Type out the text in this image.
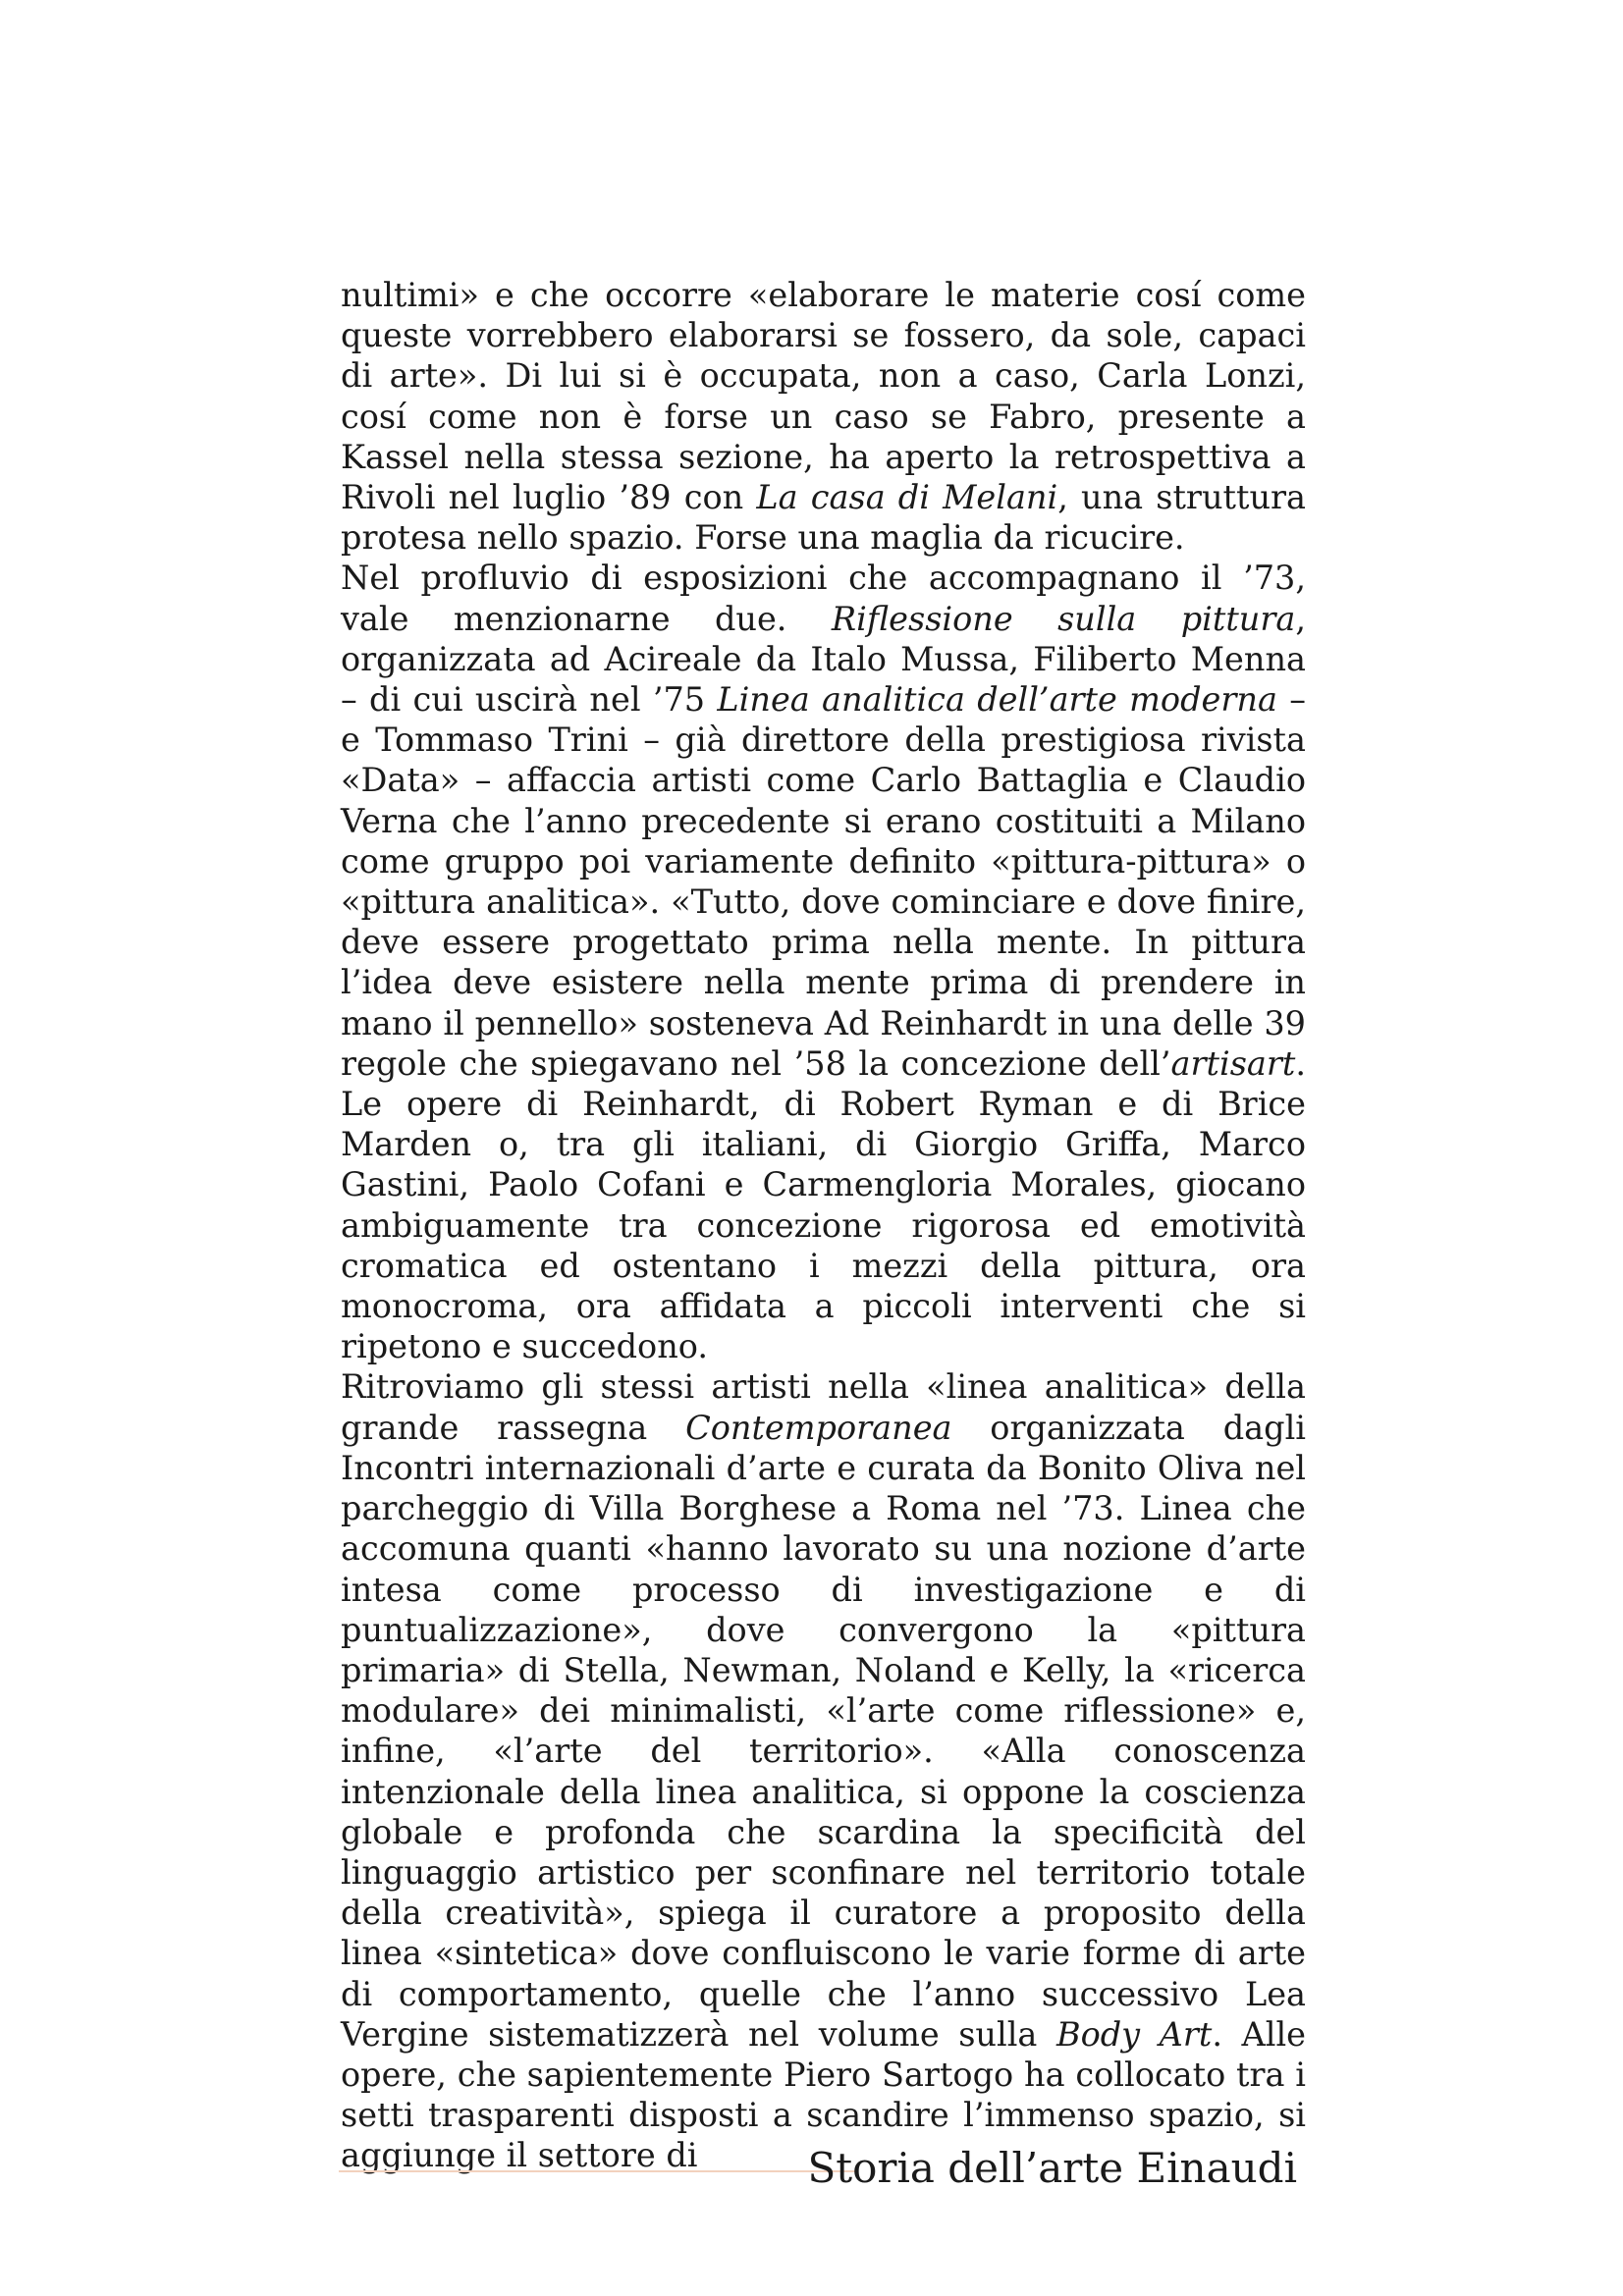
nultimi» e che occorre «elaborare le materie cosí come queste vorrebbero elaborarsi se fossero, da sole, capaci di arte». Di lui si è occupata, non a caso, Carla Lonzi, cosí come non è forse un caso se Fabro, presente a Kassel nella stessa sezione, ha aperto la retrospettiva a Rivoli nel luglio ’89 con La casa di Melani, una struttura protesa nello spazio. Forse una maglia da ricucire.

Nel profluvio di esposizioni che accompagnano il ’73, vale menzionarne due. Riflessione sulla pittura, organizzata ad Acireale da Italo Mussa, Filiberto Menna – di cui uscirà nel ’75 Linea analitica dell’arte moderna – e Tommaso Trini – già direttore della prestigiosa rivista «Data» – affaccia artisti come Carlo Battaglia e Claudio Verna che l’anno precedente si erano costituiti a Milano come gruppo poi variamente definito «pittura-pittura» o «pittura analitica». «Tutto, dove cominciare e dove finire, deve essere progettato prima nella mente. In pittura l’idea deve esistere nella mente prima di prendere in mano il pennello» sosteneva Ad Reinhardt in una delle 39 regole che spiegavano nel ’58 la concezione dell’artisart. Le opere di Reinhardt, di Robert Ryman e di Brice Marden o, tra gli italiani, di Giorgio Griffa, Marco Gastini, Paolo Cofani e Carmengloria Morales, giocano ambiguamente tra concezione rigorosa ed emotività cromatica ed ostentano i mezzi della pittura, ora monocroma, ora affidata a piccoli interventi che si ripetono e succedono.

Ritroviamo gli stessi artisti nella «linea analitica» della grande rassegna Contemporanea organizzata dagli Incontri internazionali d’arte e curata da Bonito Oliva nel parcheggio di Villa Borghese a Roma nel ’73. Linea che accomuna quanti «hanno lavorato su una nozione d’arte intesa come processo di investigazione e di puntualizzazione», dove convergono la «pittura primaria» di Stella, Newman, Noland e Kelly, la «ricerca modulare» dei minimalisti, «l’arte come riflessione» e, infine, «l’arte del territorio». «Alla conoscenza intenzionale della linea analitica, si oppone la coscienza globale e profonda che scardina la specificità del linguaggio artistico per sconfinare nel territorio totale della creatività», spiega il curatore a proposito della linea «sintetica» dove confluiscono le varie forme di arte di comportamento, quelle che l’anno successivo Lea Vergine sistematizzerà nel volume sulla Body Art. Alle opere, che sapientemente Piero Sartogo ha collocato tra i setti trasparenti disposti a scandire l’immenso spazio, si aggiunge il settore di	Storia dell’arte Einaudi
